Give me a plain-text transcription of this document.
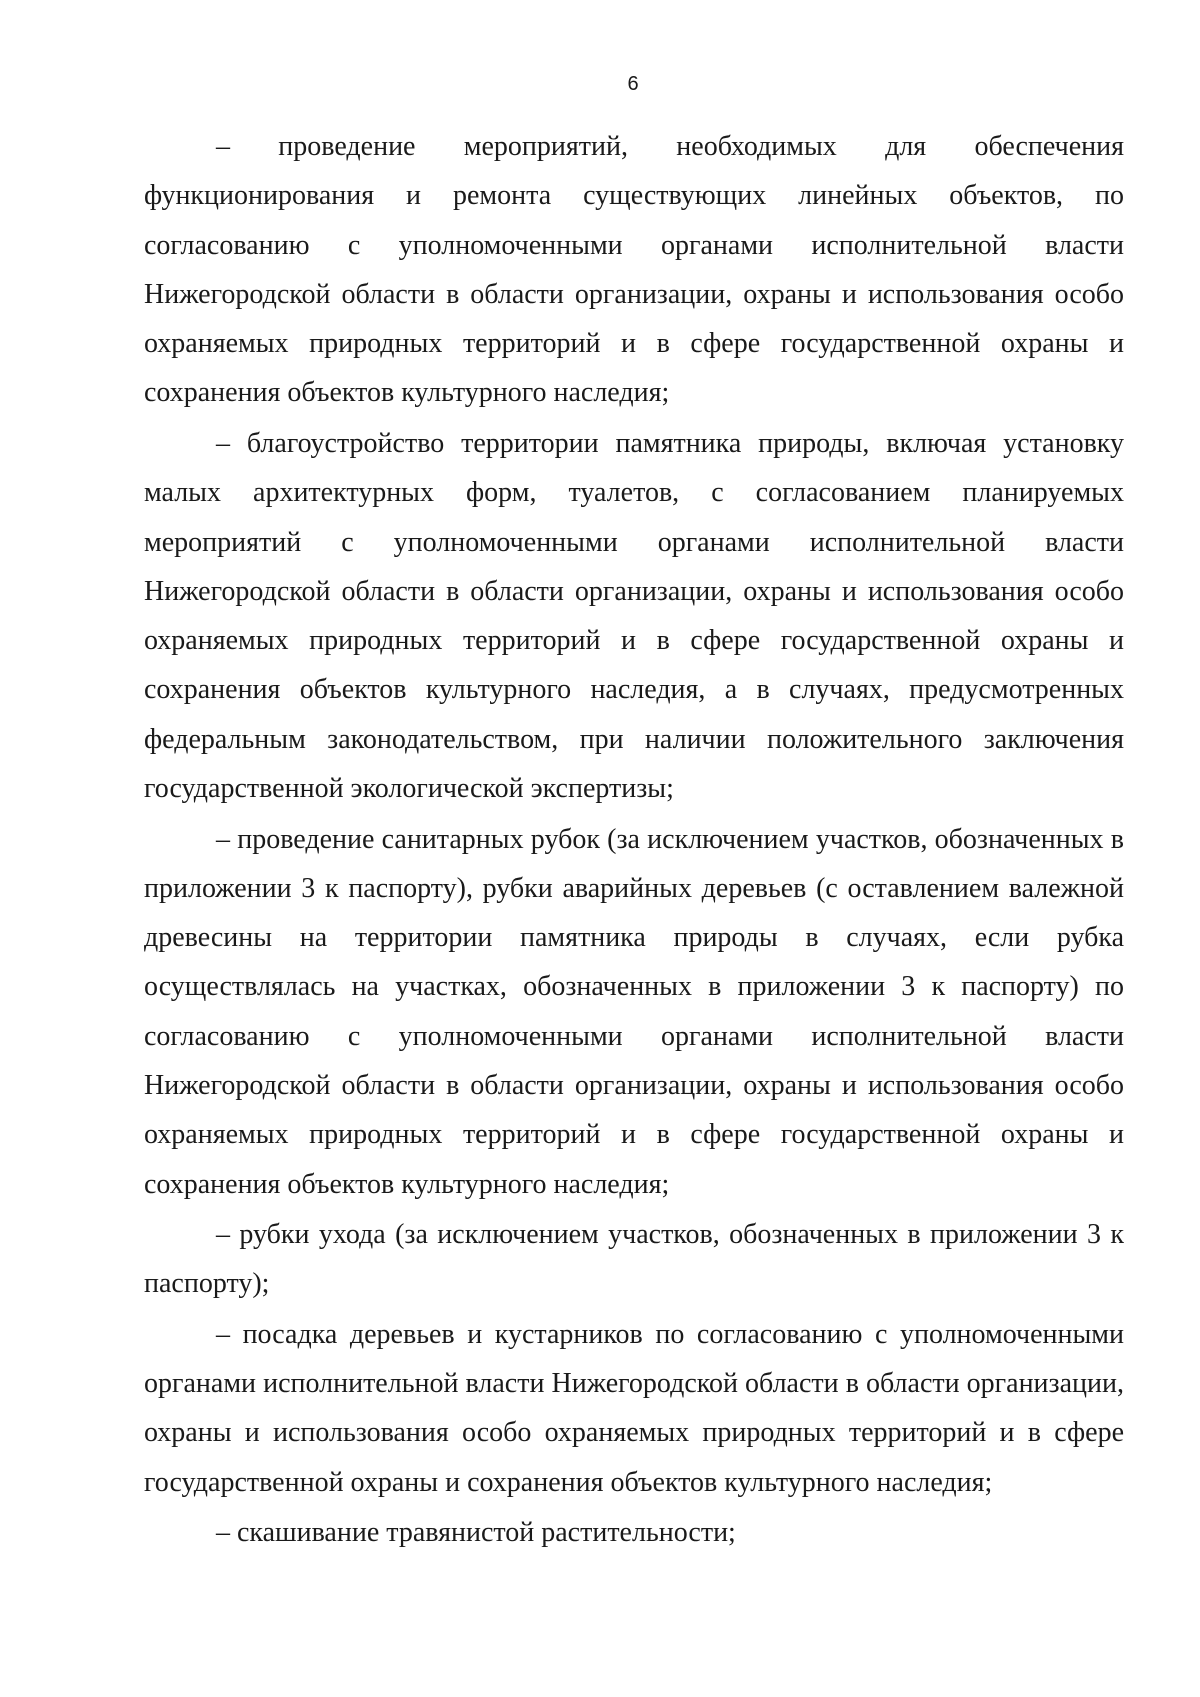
6

– проведение мероприятий, необходимых для обеспечения функционирования и ремонта существующих линейных объектов, по согласованию с уполномоченными органами исполнительной власти Нижегородской области в области организации, охраны и использования особо охраняемых природных территорий и в сфере государственной охраны и сохранения объектов культурного наследия;

– благоустройство территории памятника природы, включая установку малых архитектурных форм, туалетов, с согласованием планируемых мероприятий с уполномоченными органами исполнительной власти Нижегородской области в области организации, охраны и использования особо охраняемых природных территорий и в сфере государственной охраны и сохранения объектов культурного наследия, а в случаях, предусмотренных федеральным законодательством, при наличии положительного заключения государственной экологической экспертизы;

– проведение санитарных рубок (за исключением участков, обозначенных в приложении 3 к паспорту), рубки аварийных деревьев (с оставлением валежной древесины на территории памятника природы в случаях, если рубка осуществлялась на участках, обозначенных в приложении 3 к паспорту) по согласованию с уполномоченными органами исполнительной власти Нижегородской области в области организации, охраны и использования особо охраняемых природных территорий и в сфере государственной охраны и сохранения объектов культурного наследия;

– рубки ухода (за исключением участков, обозначенных в приложении 3 к паспорту);

– посадка деревьев и кустарников по согласованию с уполномоченными органами исполнительной власти Нижегородской области в области организации, охраны и использования особо охраняемых природных территорий и в сфере государственной охраны и сохранения объектов культурного наследия;

– скашивание травянистой растительности;
